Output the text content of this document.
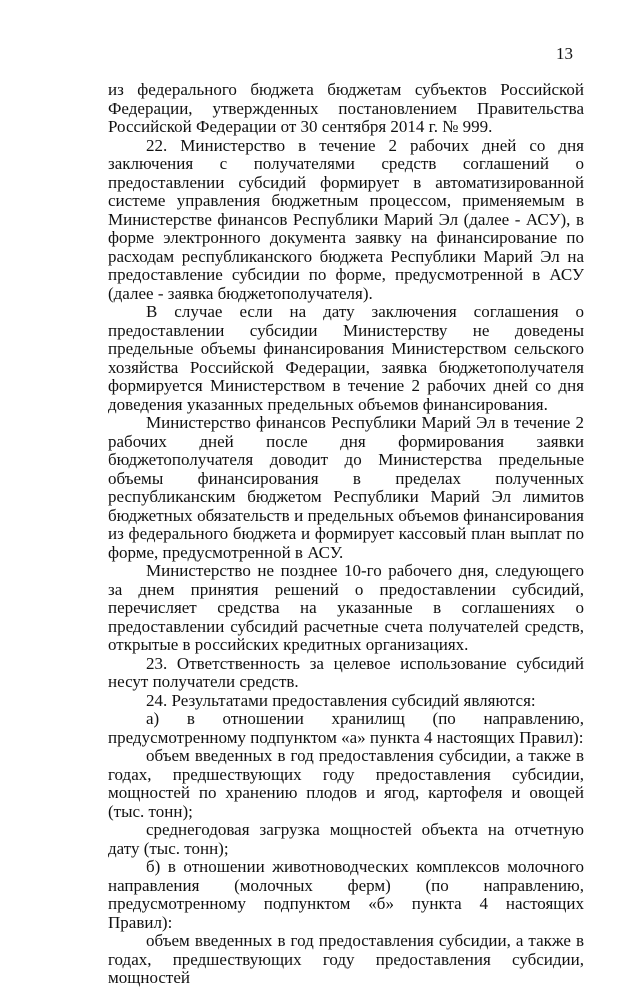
13

из федерального бюджета бюджетам субъектов Российской Федерации, утвержденных постановлением Правительства Российской Федерации от 30 сентября 2014 г. № 999.

22. Министерство в течение 2 рабочих дней со дня заключения с получателями средств соглашений о предоставлении субсидий формирует в автоматизированной системе управления бюджетным процессом, применяемым в Министерстве финансов Республики Марий Эл (далее - АСУ), в форме электронного документа заявку на финансирование по расходам республиканского бюджета Республики Марий Эл на предоставление субсидии по форме, предусмотренной в АСУ (далее - заявка бюджетополучателя).

В случае если на дату заключения соглашения о предоставлении субсидии Министерству не доведены предельные объемы финансирования Министерством сельского хозяйства Российской Федерации, заявка бюджетополучателя формируется Министерством в течение 2 рабочих дней со дня доведения указанных предельных объемов финансирования.

Министерство финансов Республики Марий Эл в течение 2 рабочих дней после дня формирования заявки бюджетополучателя доводит до Министерства предельные объемы финансирования в пределах полученных республиканским бюджетом Республики Марий Эл лимитов бюджетных обязательств и предельных объемов финансирования из федерального бюджета и формирует кассовый план выплат по форме, предусмотренной в АСУ.

Министерство не позднее 10-го рабочего дня, следующего за днем принятия решений о предоставлении субсидий, перечисляет средства на указанные в соглашениях о предоставлении субсидий расчетные счета получателей средств, открытые в российских кредитных организациях.

23. Ответственность за целевое использование субсидий несут получатели средств.

24. Результатами предоставления субсидий являются:

а) в отношении хранилищ (по направлению, предусмотренному подпунктом «а» пункта 4 настоящих Правил):

объем введенных в год предоставления субсидии, а также в годах, предшествующих году предоставления субсидии, мощностей по хранению плодов и ягод, картофеля и овощей (тыс. тонн);

среднегодовая загрузка мощностей объекта на отчетную дату (тыс. тонн);

б) в отношении животноводческих комплексов молочного направления (молочных ферм) (по направлению, предусмотренному подпунктом «б» пункта 4 настоящих Правил):

объем введенных в год предоставления субсидии, а также в годах, предшествующих году предоставления субсидии, мощностей
